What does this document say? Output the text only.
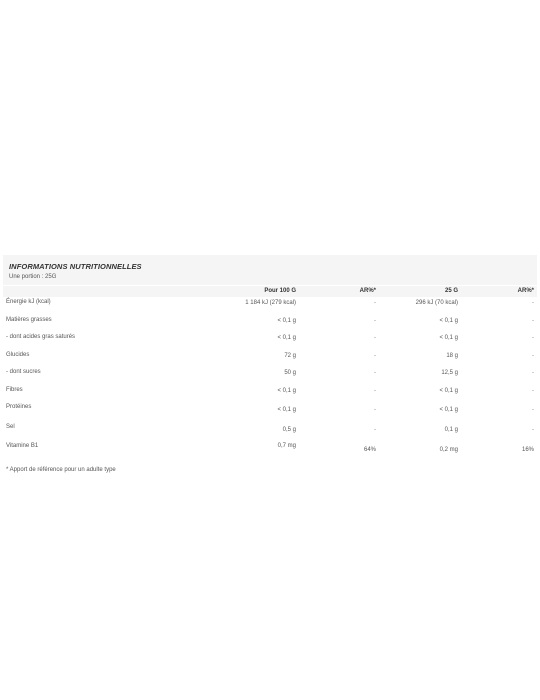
INFORMATIONS NUTRITIONNELLES
Une portion : 25G
	Pour 100 G	AR%*	25 G	AR%*
Énergie kJ (kcal)	1 184 kJ (279 kcal)	-	296 kJ (70 kcal)	-
Matières grasses	< 0,1 g	-	< 0,1 g	-
- dont acides gras saturés	< 0,1 g	-	< 0,1 g	-
Glucides	72 g	-	18 g	-
- dont sucres	50 g	-	12,5 g	-
Fibres	< 0,1 g	-	< 0,1 g	-
Protéines	< 0,1 g	-	< 0,1 g	-
Sel	0,5 g	-	0,1 g	-
Vitamine B1	0,7 mg	64%	0,2 mg	16%
* Apport de référence pour un adulte type
